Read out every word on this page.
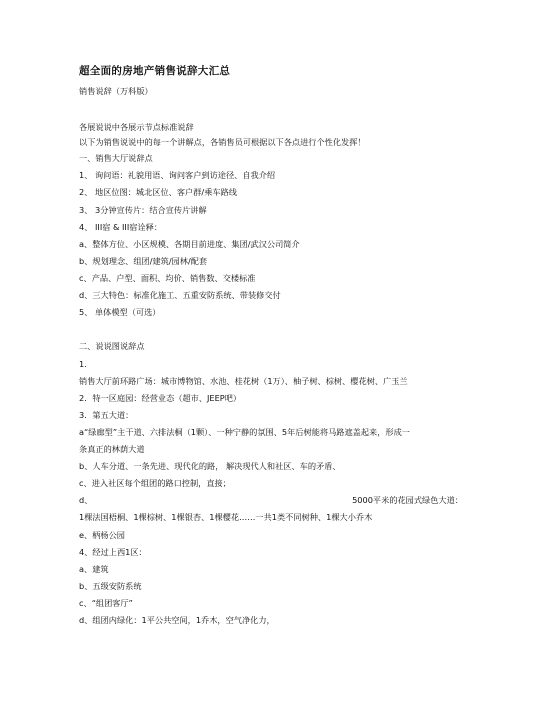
超全面的房地产销售说辞大汇总
销售说辞（万科版）
各展说说中各展示节点标准说辞
以下为销售说说中的每一个讲解点，各销售员可根据以下各点进行个性化发挥！
一、销售大厅说辞点
1、 询问语：礼貌用语、询问客户到访途径、自我介绍
2、 地区位图：城北区位、客户群/乘车路线
3、 3分钟宣传片：结合宣传片讲解
4、 III宿 & III宿诠释：
a、整体方位、小区规模、各期目前进度、集团/武汉公司简介
b、规划理念、组团/建筑/园林/配套
c、产品、户型、面积、均价、销售数、交楼标准
d、三大特色：标准化施工、五重安防系统、带装修交付
5、 单体模型（可选）
二、说说图说辞点
1.
销售大厅前环路广场：城市博物馆、水池、桂花树（1万）、柚子树、棕树、樱花树、广玉兰
2．特一区庭园：经营业态（超市、JEEP吧）
3．第五大道：
a“绿廊型”主干道、六排法桐（1颗）、一种宁静的氛围、5年后树能将马路遮盖起来，形成一
条真正的林荫大道
b、人车分道、一条先进、现代化的路， 解决现代人和社区、车的矛盾、
c、进入社区每个组团的路口控制，直接；
d、	5000平米的花园式绿色大道：
1棵法国梧桐、1棵棕树、1棵银杏、1棵樱花……一共1类不同树种、1棵大小乔木
e、柄杨公园
4、经过上西1区：
a、建筑
b、五级安防系统
c、“组团客厅”
d、组团内绿化：1平公共空间，1乔木，空气净化力，
